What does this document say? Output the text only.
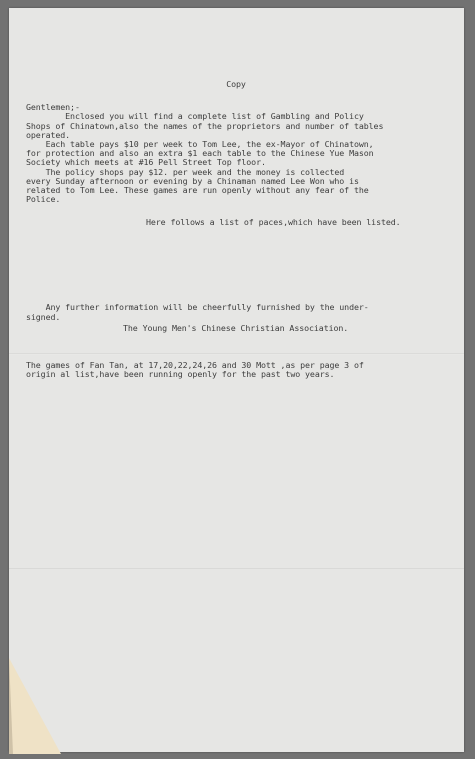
Copy
Gentlemen;-
Enclosed you will find a complete list of Gambling and Policy
Shops of Chinatown,also the names of the proprietors and number of tables
operated.
Each table pays $10 per week to Tom Lee, the ex-Mayor of Chinatown,
for protection and also an extra $1 each table to the Chinese Yue Mason
Society which meets at #16 Pell Street Top floor.
The policy shops pay $12. per week and the money is collected
every Sunday afternoon or evening by a Chinaman named Lee Won who is
related to Tom Lee. These games are run openly without any fear of the
Police.
Here follows a list of paces,which have been listed.
Any further information will be cheerfully furnished by the under-
signed.
The Young Men's Chinese Christian Association.
The games of Fan Tan, at 17,20,22,24,26 and 30 Mott ,as per page 3 of
origin al list,have been running openly for the past two years.
